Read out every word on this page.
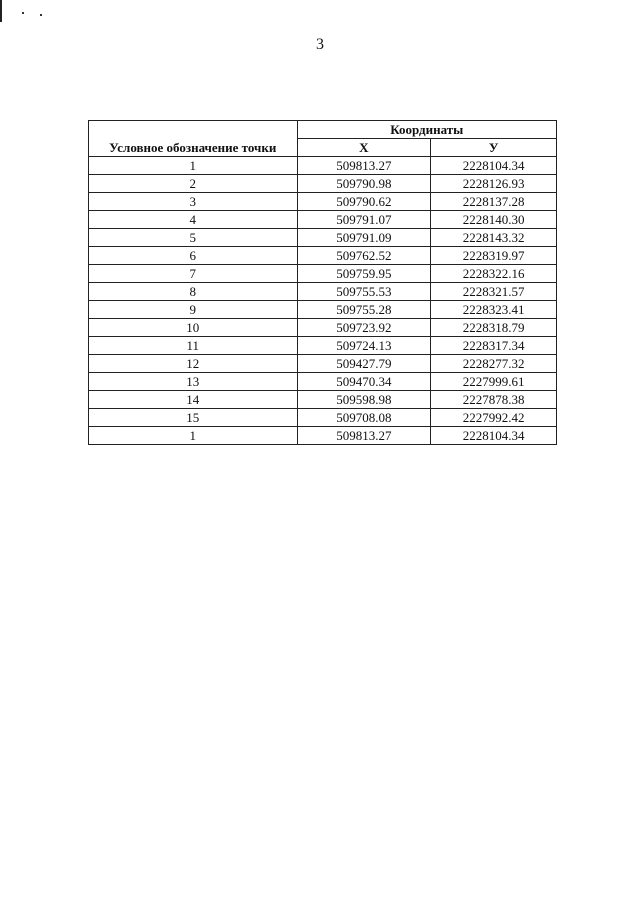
3
Условное обозначение точки	Координаты	
	X	У
1	509813.27	2228104.34
2	509790.98	2228126.93
3	509790.62	2228137.28
4	509791.07	2228140.30
5	509791.09	2228143.32
6	509762.52	2228319.97
7	509759.95	2228322.16
8	509755.53	2228321.57
9	509755.28	2228323.41
10	509723.92	2228318.79
11	509724.13	2228317.34
12	509427.79	2228277.32
13	509470.34	2227999.61
14	509598.98	2227878.38
15	509708.08	2227992.42
1	509813.27	2228104.34
